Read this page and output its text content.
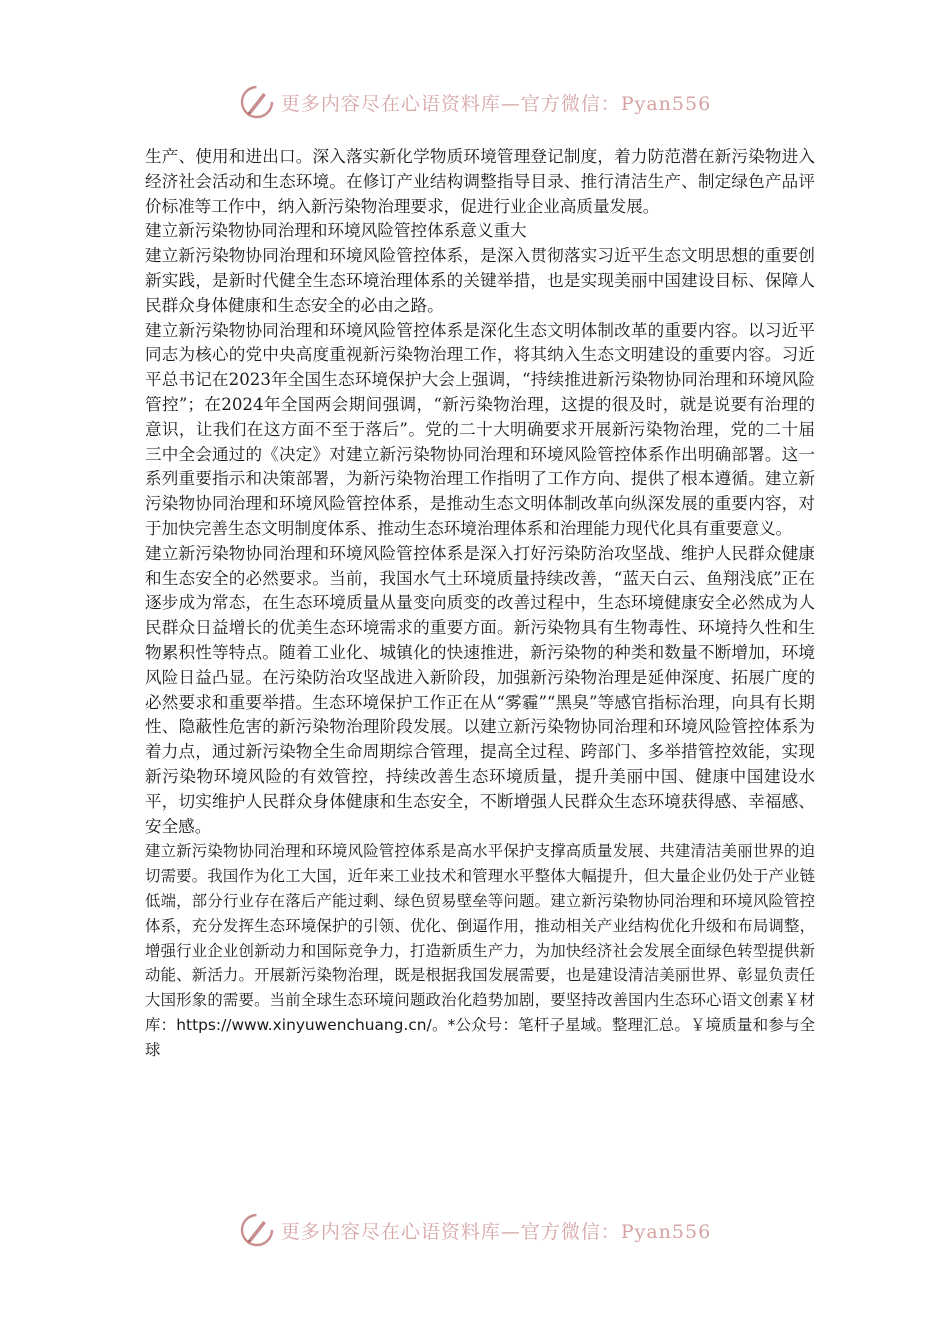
更多内容尽在心语资料库—官方微信：Pyan556

生产、使用和进出口。深入落实新化学物质环境管理登记制度，着力防范潜在新污染物进入经济社会活动和生态环境。在修订产业结构调整指导目录、推行清洁生产、制定绿色产品评价标准等工作中，纳入新污染物治理要求，促进行业企业高质量发展。

建立新污染物协同治理和环境风险管控体系意义重大

建立新污染物协同治理和环境风险管控体系，是深入贯彻落实习近平生态文明思想的重要创新实践，是新时代健全生态环境治理体系的关键举措，也是实现美丽中国建设目标、保障人民群众身体健康和生态安全的必由之路。

建立新污染物协同治理和环境风险管控体系是深化生态文明体制改革的重要内容。以习近平同志为核心的党中央高度重视新污染物治理工作，将其纳入生态文明建设的重要内容。习近平总书记在2023年全国生态环境保护大会上强调，“持续推进新污染物协同治理和环境风险管控”；在2024年全国两会期间强调，“新污染物治理，这提的很及时，就是说要有治理的意识，让我们在这方面不至于落后”。党的二十大明确要求开展新污染物治理，党的二十届三中全会通过的《决定》对建立新污染物协同治理和环境风险管控体系作出明确部署。这一系列重要指示和决策部署，为新污染物治理工作指明了工作方向、提供了根本遵循。建立新污染物协同治理和环境风险管控体系，是推动生态文明体制改革向纵深发展的重要内容，对于加快完善生态文明制度体系、推动生态环境治理体系和治理能力现代化具有重要意义。

建立新污染物协同治理和环境风险管控体系是深入打好污染防治攻坚战、维护人民群众健康和生态安全的必然要求。当前，我国水气土环境质量持续改善，“蓝天白云、鱼翔浅底”正在逐步成为常态，在生态环境质量从量变向质变的改善过程中，生态环境健康安全必然成为人民群众日益增长的优美生态环境需求的重要方面。新污染物具有生物毒性、环境持久性和生物累积性等特点。随着工业化、城镇化的快速推进，新污染物的种类和数量不断增加，环境风险日益凸显。在污染防治攻坚战进入新阶段，加强新污染物治理是延伸深度、拓展广度的必然要求和重要举措。生态环境保护工作正在从“雾霾”“黑臭”等感官指标治理，向具有长期性、隐蔽性危害的新污染物治理阶段发展。以建立新污染物协同治理和环境风险管控体系为着力点，通过新污染物全生命周期综合管理，提高全过程、跨部门、多举措管控效能，实现新污染物环境风险的有效管控，持续改善生态环境质量，提升美丽中国、健康中国建设水平，切实维护人民群众身体健康和生态安全，不断增强人民群众生态环境获得感、幸福感、安全感。

建立新污染物协同治理和环境风险管控体系是高水平保护支撑高质量发展、共建清洁美丽世界的迫切需要。我国作为化工大国，近年来工业技术和管理水平整体大幅提升，但大量企业仍处于产业链低端，部分行业存在落后产能过剩、绿色贸易壁垒等问题。建立新污染物协同治理和环境风险管控体系，充分发挥生态环境保护的引领、优化、倒逼作用，推动相关产业结构优化升级和布局调整，增强行业企业创新动力和国际竞争力，打造新质生产力，为加快经济社会发展全面绿色转型提供新动能、新活力。开展新污染物治理，既是根据我国发展需要，也是建设清洁美丽世界、彰显负责任大国形象的需要。当前全球生态环境问题政治化趋势加剧，要坚持改善国内生态环心语文创素￥材库：https://www.xinyuwenchuang.cn/。*公众号：笔杆子星域。整理汇总。￥境质量和参与全球

更多内容尽在心语资料库—官方微信：Pyan556
